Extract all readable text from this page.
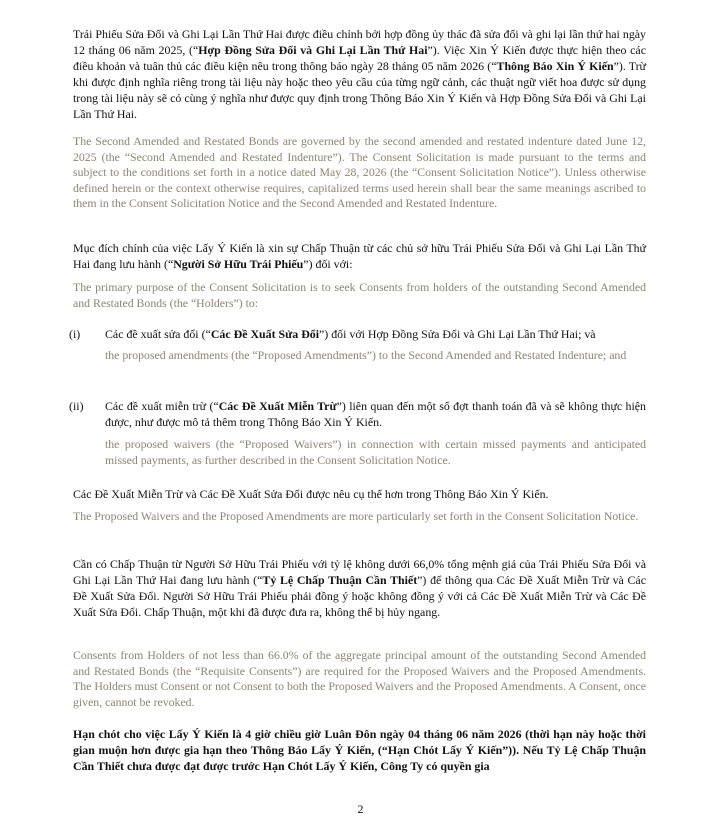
Trái Phiếu Sửa Đổi và Ghi Lại Lần Thứ Hai được điều chỉnh bởi hợp đồng ủy thác đã sửa đổi và ghi lại lần thứ hai ngày 12 tháng 06 năm 2025, (“Hợp Đồng Sửa Đổi và Ghi Lại Lần Thứ Hai”). Việc Xin Ý Kiến được thực hiện theo các điều khoản và tuân thủ các điều kiện nêu trong thông báo ngày 28 tháng 05 năm 2026 (“Thông Báo Xin Ý Kiến”). Trừ khi được định nghĩa riêng trong tài liệu này hoặc theo yêu cầu của từng ngữ cảnh, các thuật ngữ viết hoa được sử dụng trong tài liệu này sẽ có cùng ý nghĩa như được quy định trong Thông Báo Xin Ý Kiến và Hợp Đồng Sửa Đổi và Ghi Lại Lần Thứ Hai.

The Second Amended and Restated Bonds are governed by the second amended and restated indenture dated June 12, 2025 (the “Second Amended and Restated Indenture”). The Consent Solicitation is made pursuant to the terms and subject to the conditions set forth in a notice dated May 28, 2026 (the “Consent Solicitation Notice”). Unless otherwise defined herein or the context otherwise requires, capitalized terms used herein shall bear the same meanings ascribed to them in the Consent Solicitation Notice and the Second Amended and Restated Indenture.

Mục đích chính của việc Lấy Ý Kiến là xin sự Chấp Thuận từ các chủ sở hữu Trái Phiếu Sửa Đổi và Ghi Lại Lần Thứ Hai đang lưu hành (“Người Sở Hữu Trái Phiếu”) đối với:

The primary purpose of the Consent Solicitation is to seek Consents from holders of the outstanding Second Amended and Restated Bonds (the “Holders”) to:

(i) Các đề xuất sửa đổi (“Các Đề Xuất Sửa Đổi”) đối với Hợp Đồng Sửa Đổi và Ghi Lại Lần Thứ Hai; và

the proposed amendments (the “Proposed Amendments”) to the Second Amended and Restated Indenture; and

(ii) Các đề xuất miễn trừ (“Các Đề Xuất Miễn Trừ”) liên quan đến một số đợt thanh toán đã và sẽ không thực hiện được, như được mô tả thêm trong Thông Báo Xin Ý Kiến.

the proposed waivers (the “Proposed Waivers”) in connection with certain missed payments and anticipated missed payments, as further described in the Consent Solicitation Notice.

Các Đề Xuất Miễn Trừ và Các Đề Xuất Sửa Đổi được nêu cụ thể hơn trong Thông Báo Xin Ý Kiến.

The Proposed Waivers and the Proposed Amendments are more particularly set forth in the Consent Solicitation Notice.

Cần có Chấp Thuận từ Người Sở Hữu Trái Phiếu với tỷ lệ không dưới 66,0% tổng mệnh giá của Trái Phiếu Sửa Đổi và Ghi Lại Lần Thứ Hai đang lưu hành (“Tỷ Lệ Chấp Thuận Cần Thiết”) để thông qua Các Đề Xuất Miễn Trừ và Các Đề Xuất Sửa Đổi. Người Sở Hữu Trái Phiếu phải đồng ý hoặc không đồng ý với cả Các Đề Xuất Miễn Trừ và Các Đề Xuất Sửa Đổi. Chấp Thuận, một khi đã được đưa ra, không thể bị hủy ngang.

Consents from Holders of not less than 66.0% of the aggregate principal amount of the outstanding Second Amended and Restated Bonds (the “Requisite Consents”) are required for the Proposed Waivers and the Proposed Amendments. The Holders must Consent or not Consent to both the Proposed Waivers and the Proposed Amendments. A Consent, once given, cannot be revoked.

Hạn chót cho việc Lấy Ý Kiến là 4 giờ chiều giờ Luân Đôn ngày 04 tháng 06 năm 2026 (thời hạn này hoặc thời gian muộn hơn được gia hạn theo Thông Báo Lấy Ý Kiến, (“Hạn Chót Lấy Ý Kiến”)). Nếu Tỷ Lệ Chấp Thuận Cần Thiết chưa được đạt được trước Hạn Chót Lấy Ý Kiến, Công Ty có quyền gia

2
